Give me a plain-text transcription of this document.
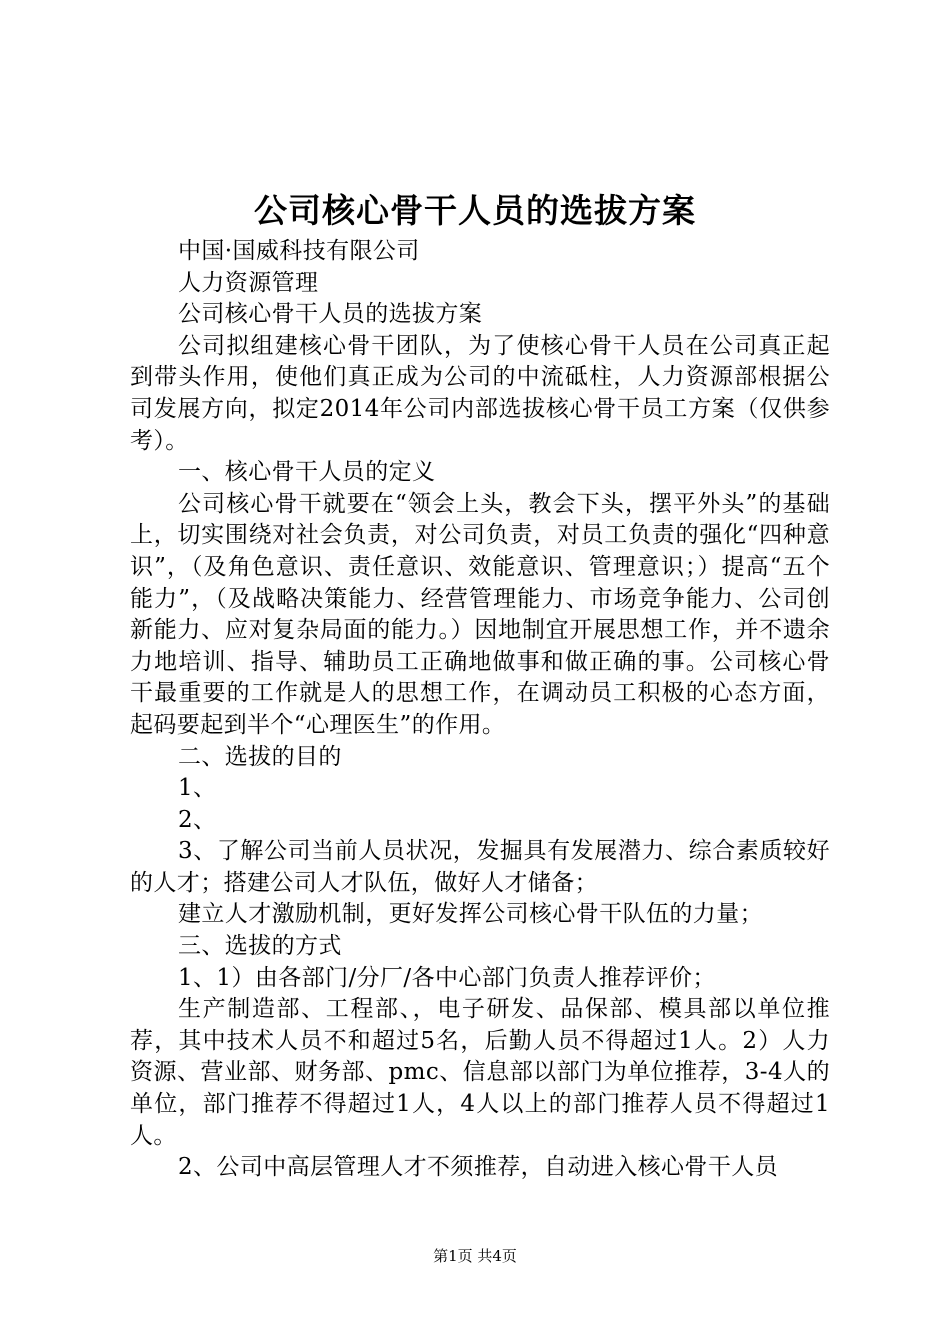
公司核心骨干人员的选拔方案

中国·国威科技有限公司

人力资源管理

公司核心骨干人员的选拔方案

公司拟组建核心骨干团队，为了使核心骨干人员在公司真正起到带头作用，使他们真正成为公司的中流砥柱，人力资源部根据公司发展方向，拟定2014年公司内部选拔核心骨干员工方案（仅供参考）。

一、核心骨干人员的定义

公司核心骨干就要在“领会上头，教会下头，摆平外头”的基础上，切实围绕对社会负责，对公司负责，对员工负责的强化“四种意识”，（及角色意识、责任意识、效能意识、管理意识；）提高“五个能力”，（及战略决策能力、经营管理能力、市场竞争能力、公司创新能力、应对复杂局面的能力。）因地制宜开展思想工作，并不遗余力地培训、指导、辅助员工正确地做事和做正确的事。公司核心骨干最重要的工作就是人的思想工作，在调动员工积极的心态方面，起码要起到半个“心理医生”的作用。

二、选拔的目的

1、

2、

3、了解公司当前人员状况，发掘具有发展潜力、综合素质较好的人才；搭建公司人才队伍，做好人才储备；

建立人才激励机制，更好发挥公司核心骨干队伍的力量；

三、选拔的方式

1、1）由各部门/分厂/各中心部门负责人推荐评价；

生产制造部、工程部、，电子研发、品保部、模具部以单位推荐，其中技术人员不和超过5名，后勤人员不得超过1人。2）人力资源、营业部、财务部、pmc、信息部以部门为单位推荐，3-4人的单位，部门推荐不得超过1人，4人以上的部门推荐人员不得超过1人。

2、公司中高层管理人才不须推荐，自动进入核心骨干人员

第1页 共4页
